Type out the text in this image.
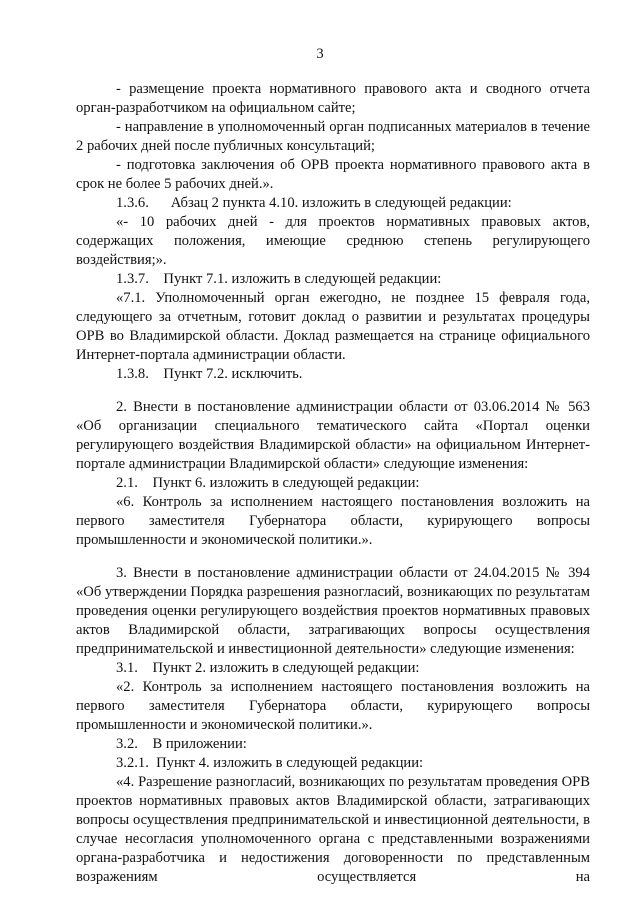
3

- размещение проекта нормативного правового акта и сводного отчета орган-разработчиком на официальном сайте;

- направление в уполномоченный орган подписанных материалов в течение 2 рабочих дней после публичных консультаций;

- подготовка заключения об ОРВ проекта нормативного правового акта в срок не более 5 рабочих дней.».

1.3.6.      Абзац 2 пункта 4.10. изложить в следующей редакции:

«- 10 рабочих дней - для проектов нормативных правовых актов, содержащих положения, имеющие среднюю степень регулирующего воздействия;».

1.3.7.    Пункт 7.1. изложить в следующей редакции:

«7.1. Уполномоченный орган ежегодно, не позднее 15 февраля года, следующего за отчетным, готовит доклад о развитии и результатах процедуры ОРВ во Владимирской области. Доклад размещается на странице официального Интернет-портала администрации области.

1.3.8.    Пункт 7.2. исключить.

2. Внести в постановление администрации области от 03.06.2014 № 563 «Об организации специального тематического сайта «Портал оценки регулирующего воздействия Владимирской области» на официальном Интернет-портале администрации Владимирской области» следующие изменения:

2.1.    Пункт 6. изложить в следующей редакции:

«6. Контроль за исполнением настоящего постановления возложить на первого заместителя Губернатора области, курирующего вопросы промышленности и экономической политики.».

3. Внести в постановление администрации области от 24.04.2015 № 394 «Об утверждении Порядка разрешения разногласий, возникающих по результатам проведения оценки регулирующего воздействия проектов нормативных правовых актов Владимирской области, затрагивающих вопросы осуществления предпринимательской и инвестиционной деятельности» следующие изменения:

3.1.    Пункт 2. изложить в следующей редакции:

«2. Контроль за исполнением настоящего постановления возложить на первого заместителя Губернатора области, курирующего вопросы промышленности и экономической политики.».

3.2.    В приложении:

3.2.1.  Пункт 4. изложить в следующей редакции:

«4. Разрешение разногласий, возникающих по результатам проведения ОРВ проектов нормативных правовых актов Владимирской области, затрагивающих вопросы осуществления предпринимательской и инвестиционной деятельности, в случае несогласия уполномоченного органа с представленными возражениями органа-разработчика и недостижения договоренности по представленным возражениям осуществляется на
